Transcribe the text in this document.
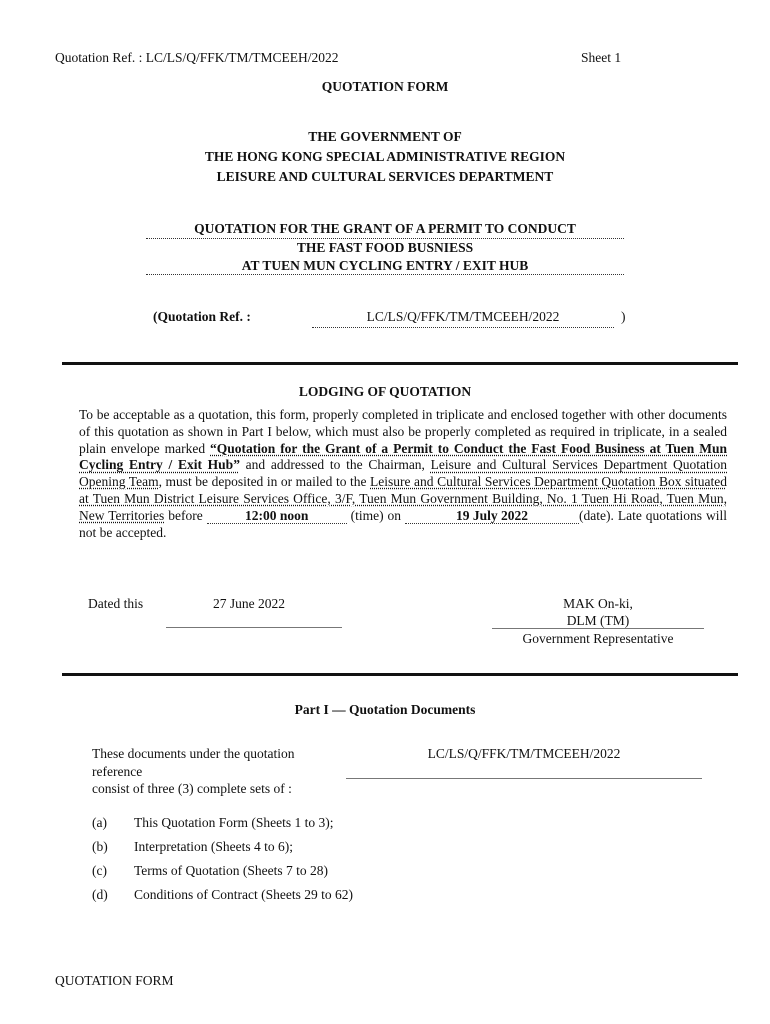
Quotation Ref. : LC/LS/Q/FFK/TM/TMCEEH/2022	Sheet 1
QUOTATION FORM
THE GOVERNMENT OF
THE HONG KONG SPECIAL ADMINISTRATIVE REGION
LEISURE AND CULTURAL SERVICES DEPARTMENT
QUOTATION FOR THE GRANT OF A PERMIT TO CONDUCT
THE FAST FOOD BUSNIESS
AT TUEN MUN CYCLING ENTRY / EXIT HUB
(Quotation Ref. :	LC/LS/Q/FFK/TM/TMCEEH/2022	)
LODGING OF QUOTATION
To be acceptable as a quotation, this form, properly completed in triplicate and enclosed together with other documents of this quotation as shown in Part I below, which must also be properly completed as required in triplicate, in a sealed plain envelope marked “Quotation for the Grant of a Permit to Conduct the Fast Food Business at Tuen Mun Cycling Entry / Exit Hub” and addressed to the Chairman, Leisure and Cultural Services Department Quotation Opening Team, must be deposited in or mailed to the Leisure and Cultural Services Department Quotation Box situated at Tuen Mun District Leisure Services Office, 3/F, Tuen Mun Government Building, No. 1 Tuen Hi Road, Tuen Mun, New Territories before	12:00 noon	(time) on	19 July 2022	(date). Late quotations will not be accepted.
Dated this	27 June 2022	MAK On-ki,
DLM (TM)
Government Representative
Part I — Quotation Documents
These documents under the quotation
reference
consist of three (3) complete sets of :
LC/LS/Q/FFK/TM/TMCEEH/2022
(a) This Quotation Form (Sheets 1 to 3);
(b) Interpretation (Sheets 4 to 6);
(c) Terms of Quotation (Sheets 7 to 28)
(d) Conditions of Contract (Sheets 29 to 62)
QUOTATION FORM
